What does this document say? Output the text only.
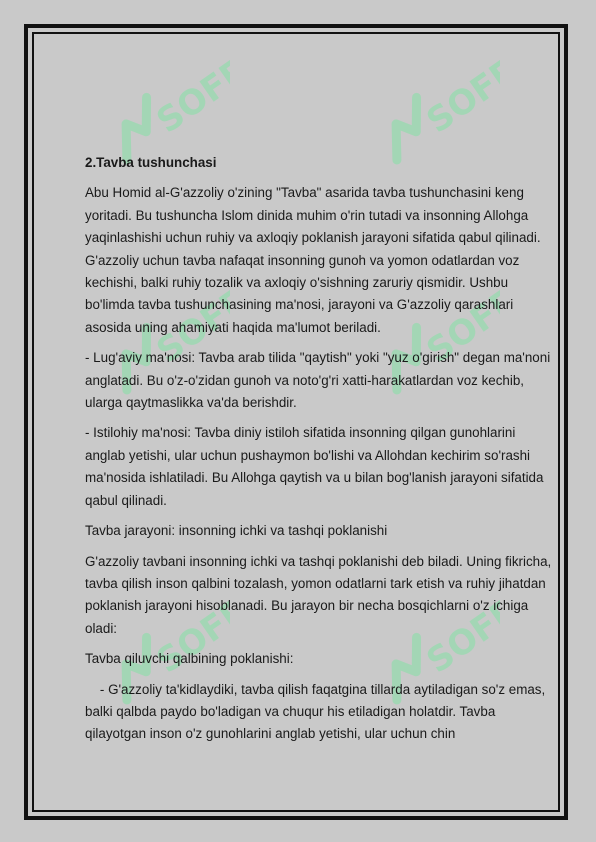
SOFF	SOFF
SOFF	SOFF
SOFF	SOFF

2.Tavba tushunchasi

Abu Homid al-G'azzoliy o'zining "Tavba" asarida tavba tushunchasini keng yoritadi. Bu tushuncha Islom dinida muhim o'rin tutadi va insonning Allohga yaqinlashishi uchun ruhiy va axloqiy poklanish jarayoni sifatida qabul qilinadi. G'azzoliy uchun tavba nafaqat insonning gunoh va yomon odatlardan voz kechishi, balki ruhiy tozalik va axloqiy o'sishning zaruriy qismidir. Ushbu bo'limda tavba tushunchasining ma'nosi, jarayoni va G'azzoliy qarashlari asosida uning ahamiyati haqida ma'lumot beriladi.

- Lug'aviy ma'nosi: Tavba arab tilida "qaytish" yoki "yuz o'girish" degan ma'noni anglatadi. Bu o'z-o'zidan gunoh va noto'g'ri xatti-harakatlardan voz kechib, ularga qaytmaslikka va'da berishdir.

- Istilohiy ma'nosi: Tavba diniy istiloh sifatida insonning qilgan gunohlarini anglab yetishi, ular uchun pushaymon bo'lishi va Allohdan kechirim so'rashi ma'nosida ishlatiladi. Bu Allohga qaytish va u bilan bog'lanish jarayoni sifatida qabul qilinadi.

Tavba jarayoni: insonning ichki va tashqi poklanishi

G'azzoliy tavbani insonning ichki va tashqi poklanishi deb biladi. Uning fikricha, tavba qilish inson qalbini tozalash, yomon odatlarni tark etish va ruhiy jihatdan poklanish jarayoni hisoblanadi. Bu jarayon bir necha bosqichlarni o'z ichiga oladi:

Tavba qiluvchi qalbining poklanishi:

- G'azzoliy ta'kidlaydiki, tavba qilish faqatgina tillarda aytiladigan so'z emas, balki qalbda paydo bo'ladigan va chuqur his etiladigan holatdir. Tavba qilayotgan inson o'z gunohlarini anglab yetishi, ular uchun chin
